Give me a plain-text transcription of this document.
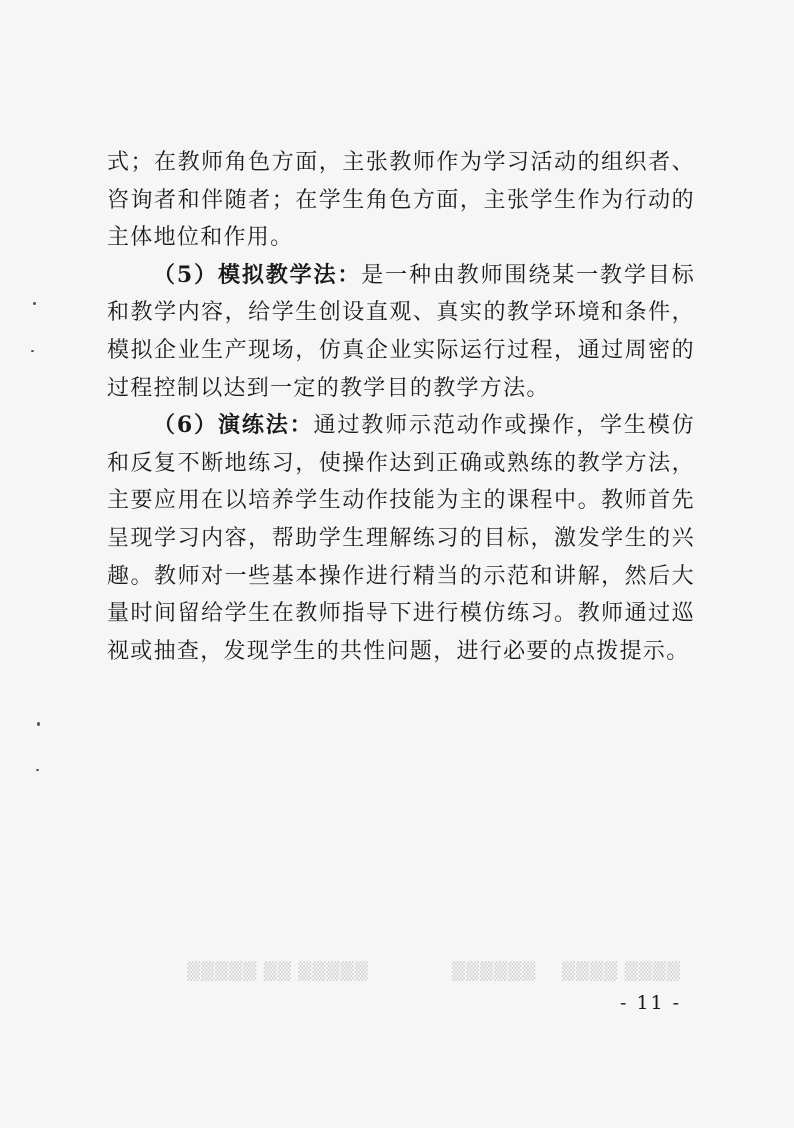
式；在教师角色方面，主张教师作为学习活动的组织者、咨询者和伴随者；在学生角色方面，主张学生作为行动的主体地位和作用。

（5）模拟教学法：是一种由教师围绕某一教学目标和教学内容，给学生创设直观、真实的教学环境和条件，模拟企业生产现场，仿真企业实际运行过程，通过周密的过程控制以达到一定的教学目的教学方法。

（6）演练法：通过教师示范动作或操作，学生模仿和反复不断地练习，使操作达到正确或熟练的教学方法，主要应用在以培养学生动作技能为主的课程中。教师首先呈现学习内容，帮助学生理解练习的目标，激发学生的兴趣。教师对一些基本操作进行精当的示范和讲解，然后大量时间留给学生在教师指导下进行模仿练习。教师通过巡视或抽查，发现学生的共性问题，进行必要的点拨提示。

▒▒▒▒ ▒▒▒▒    ▒▒▒▒▒▒             ▒▒▒▒▒ ▒▒ ▒▒▒▒▒
- 11 -
